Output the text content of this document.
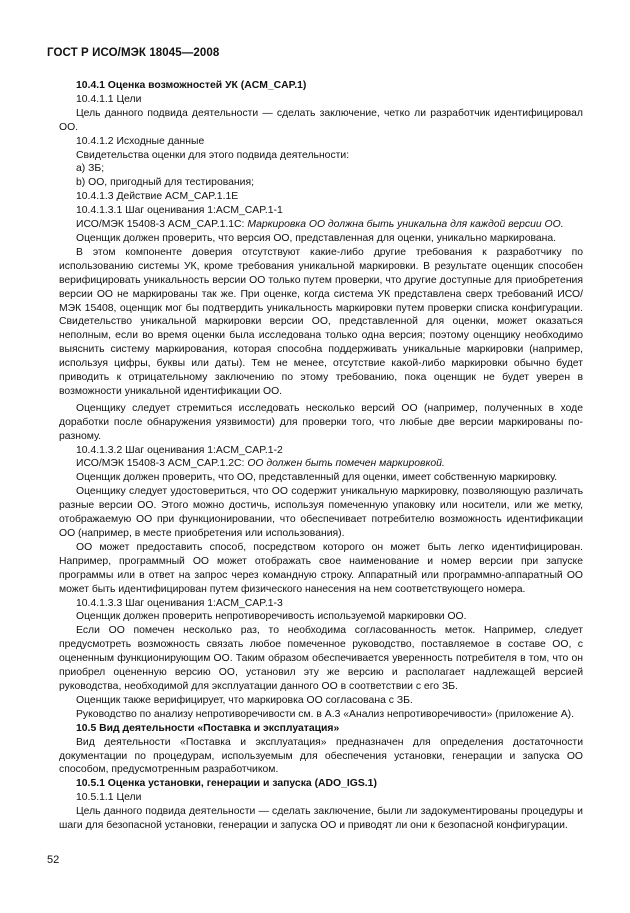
ГОСТ Р ИСО/МЭК 18045—2008

10.4.1 Оценка возможностей УК (ACM_CAP.1)

10.4.1.1 Цели

Цель данного подвида деятельности — сделать заключение, четко ли разработчик идентифицировал ОО.

10.4.1.2 Исходные данные

Свидетельства оценки для этого подвида деятельности:

a) ЗБ;

b) ОО, пригодный для тестирования;

10.4.1.3 Действие ACM_CAP.1.1E

10.4.1.3.1 Шаг оценивания 1:ACM_CAP.1-1

ИСО/МЭК 15408-3 ACM_CAP.1.1C: Маркировка ОО должна быть уникальна для каждой версии ОО.

Оценщик должен проверить, что версия ОО, представленная для оценки, уникально маркирована.

В этом компоненте доверия отсутствуют какие-либо другие требования к разработчику по использованию системы УК, кроме требования уникальной маркировки. В результате оценщик способен верифицировать уникальность версии ОО только путем проверки, что другие доступные для приобретения версии ОО не маркированы так же. При оценке, когда система УК представлена сверх требований ИСО/МЭК 15408, оценщик мог бы подтвердить уникальность маркировки путем проверки списка конфигурации. Свидетельство уникальной маркировки версии ОО, представленной для оценки, может оказаться неполным, если во время оценки была исследована только одна версия; поэтому оценщику необходимо выяснить систему маркирования, которая способна поддерживать уникальные маркировки (например, используя цифры, буквы или даты). Тем не менее, отсутствие какой-либо маркировки обычно будет приводить к отрицательному заключению по этому требованию, пока оценщик не будет уверен в возможности уникальной идентификации ОО.

Оценщику следует стремиться исследовать несколько версий ОО (например, полученных в ходе доработки после обнаружения уязвимости) для проверки того, что любые две версии маркированы по-разному.

10.4.1.3.2 Шаг оценивания 1:ACM_CAP.1-2

ИСО/МЭК 15408-3 ACM_CAP.1.2C: ОО должен быть помечен маркировкой.

Оценщик должен проверить, что ОО, представленный для оценки, имеет собственную маркировку.

Оценщику следует удостовериться, что ОО содержит уникальную маркировку, позволяющую различать разные версии ОО. Этого можно достичь, используя помеченную упаковку или носители, или же метку, отображаемую ОО при функционировании, что обеспечивает потребителю возможность идентификации ОО (например, в месте приобретения или использования).

ОО может предоставить способ, посредством которого он может быть легко идентифицирован. Например, программный ОО может отображать свое наименование и номер версии при запуске программы или в ответ на запрос через командную строку. Аппаратный или программно-аппаратный ОО может быть идентифицирован путем физического нанесения на нем соответствующего номера.

10.4.1.3.3 Шаг оценивания 1:ACM_CAP.1-3

Оценщик должен проверить непротиворечивость используемой маркировки ОО.

Если ОО помечен несколько раз, то необходима согласованность меток. Например, следует предусмотреть возможность связать любое помеченное руководство, поставляемое в составе ОО, с оцененным функционирующим ОО. Таким образом обеспечивается уверенность потребителя в том, что он приобрел оцененную версию ОО, установил эту же версию и располагает надлежащей версией руководства, необходимой для эксплуатации данного ОО в соответствии с его ЗБ.

Оценщик также верифицирует, что маркировка ОО согласована с ЗБ.

Руководство по анализу непротиворечивости см. в А.3 «Анализ непротиворечивости» (приложение А).

10.5 Вид деятельности «Поставка и эксплуатация»

Вид деятельности «Поставка и эксплуатация» предназначен для определения достаточности документации по процедурам, используемым для обеспечения установки, генерации и запуска ОО способом, предусмотренным разработчиком.

10.5.1 Оценка установки, генерации и запуска (ADO_IGS.1)

10.5.1.1 Цели

Цель данного подвида деятельности — сделать заключение, были ли задокументированы процедуры и шаги для безопасной установки, генерации и запуска ОО и приводят ли они к безопасной конфигурации.

52
